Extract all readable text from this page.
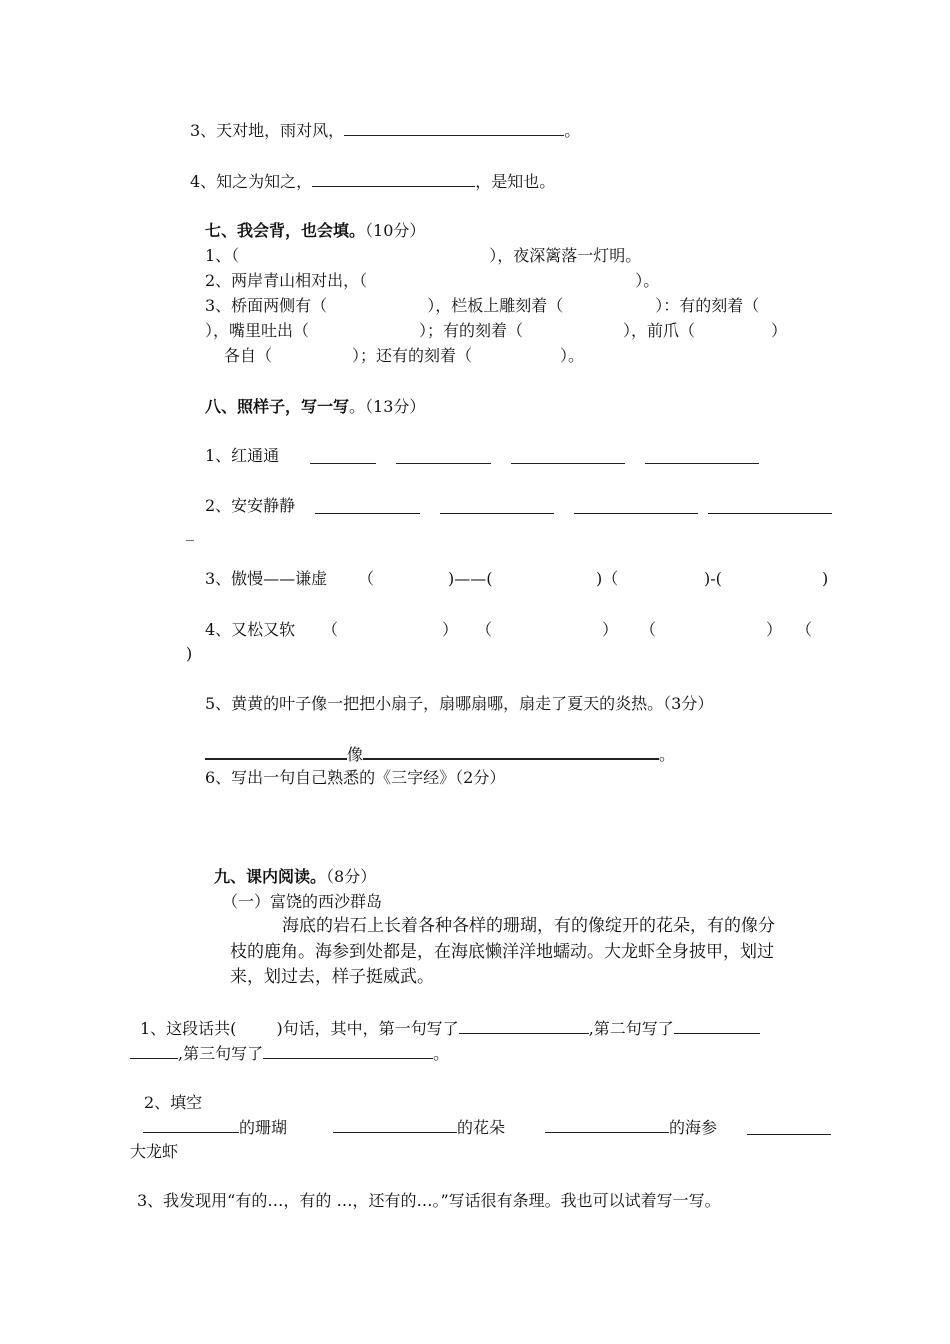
3、天对地，雨对风，	。
4、知之为知之，	，是知也。
七、我会背，也会填。（10分）
1、（	），夜深篱落一灯明。
2、两岸青山相对出，（	）。
3、桥面两侧有（	），栏板上雕刻着（	）：有的刻着（
），嘴里吐出（	）；有的刻着（	），前爪（	）
各自（	）；还有的刻着（	）。
八、照样子，写一写。（13分）
1、红通通
2、安安静静
_
3、傲慢——谦虚 （	)——(	)（	)-(	)
4、又松又软 （	） （	） （	） （
)
5、黄黄的叶子像一把把小扇子，扇哪扇哪，扇走了夏天的炎热。（3分）
像	。
6、写出一句自己熟悉的《三字经》（2分）
九、课内阅读。（8分）
（一）富饶的西沙群岛
海底的岩石上长着各种各样的珊瑚，有的像绽开的花朵，有的像分
枝的鹿角。海参到处都是，在海底懒洋洋地蠕动。大龙虾全身披甲，划过
来，划过去，样子挺威武。
1、这段话共(	)句话，其中，第一句写了	,第二句写了
,第三句写了	。
2、填空
的珊瑚	的花朵	的海参
大龙虾
3、我发现用“有的…，有的 …，还有的…。”写话很有条理。我也可以试着写一写。
